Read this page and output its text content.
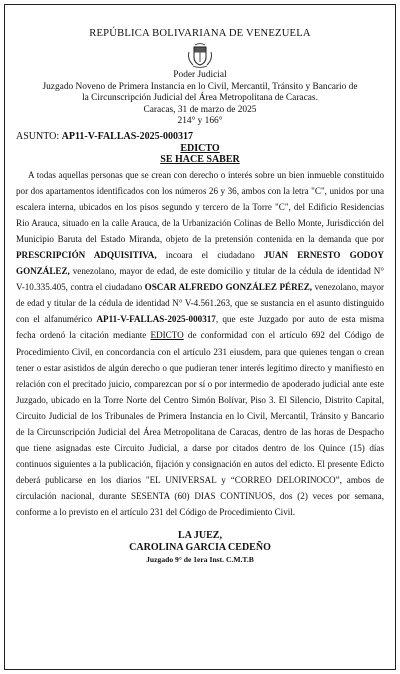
REPÚBLICA BOLIVARIANA DE VENEZUELA
Poder Judicial
Juzgado Noveno de Primera Instancia en lo Civil, Mercantil, Tránsito y Bancario de
la Circunscripción Judicial del Área Metropolitana de Caracas.
Caracas, 31 de marzo de 2025
214° y 166°
ASUNTO: AP11-V-FALLAS-2025-000317
EDICTO
SE HACE SABER
A todas aquellas personas que se crean con derecho o interés sobre un bien inmueble constituido por dos apartamentos identificados con los números 26 y 36, ambos con la letra "C", unidos por una escalera interna, ubicados en los pisos segundo y tercero de la Torre "C", del Edificio Residencias Rio Arauca, situado en la calle Arauca, de la Urbanización Colinas de Bello Monte, Jurisdicción del Municipio Baruta del Estado Miranda, objeto de la pretensión contenida en la demanda que por PRESCRIPCIÓN ADQUISITIVA, incoara el ciudadano JUAN ERNESTO GODOY GONZÁLEZ, venezolano, mayor de edad, de este domicilio y titular de la cédula de identidad N° V-10.335.405, contra el ciudadano OSCAR ALFREDO GONZÁLEZ PÉREZ, venezolano, mayor de edad y titular de la cédula de identidad N° V-4.561.263, que se sustancia en el asunto distinguido con el alfanumérico AP11-V-FALLAS-2025-000317, que este Juzgado por auto de esta misma fecha ordenó la citación mediante EDICTO de conformidad con el artículo 692 del Código de Procedimiento Civil, en concordancia con el artículo 231 eiusdem, para que quienes tengan o crean tener o estar asistidos de algún derecho o que pudieran tener interés legítimo directo y manifiesto en relación con el precitado juicio, comparezcan por sí o por intermedio de apoderado judicial ante este Juzgado, ubicado en la Torre Norte del Centro Simón Bolívar, Piso 3. El Silencio, Distrito Capital, Circuito Judicial de los Tribunales de Primera Instancia en lo Civil, Mercantil, Tránsito y Bancario de la Circunscripción Judicial del Área Metropolitana de Caracas, dentro de las horas de Despacho que tiene asignadas este Circuito Judicial, a darse por citados dentro de los Quince (15) días continuos siguientes a la publicación, fijación y consignación en autos del edicto. El presente Edicto deberá publicarse en los diarios "EL UNIVERSAL y “CORREO DELORINOCO”, ambos de circulación nacional, durante SESENTA (60) DIAS CONTINUOS, dos (2) veces por semana, conforme a lo previsto en el artículo 231 del Código de Procedimiento Civil.
LA JUEZ,
CAROLINA GARCIA CEDEÑO
Juzgado 9° de 1era Inst. C.M.T.B
